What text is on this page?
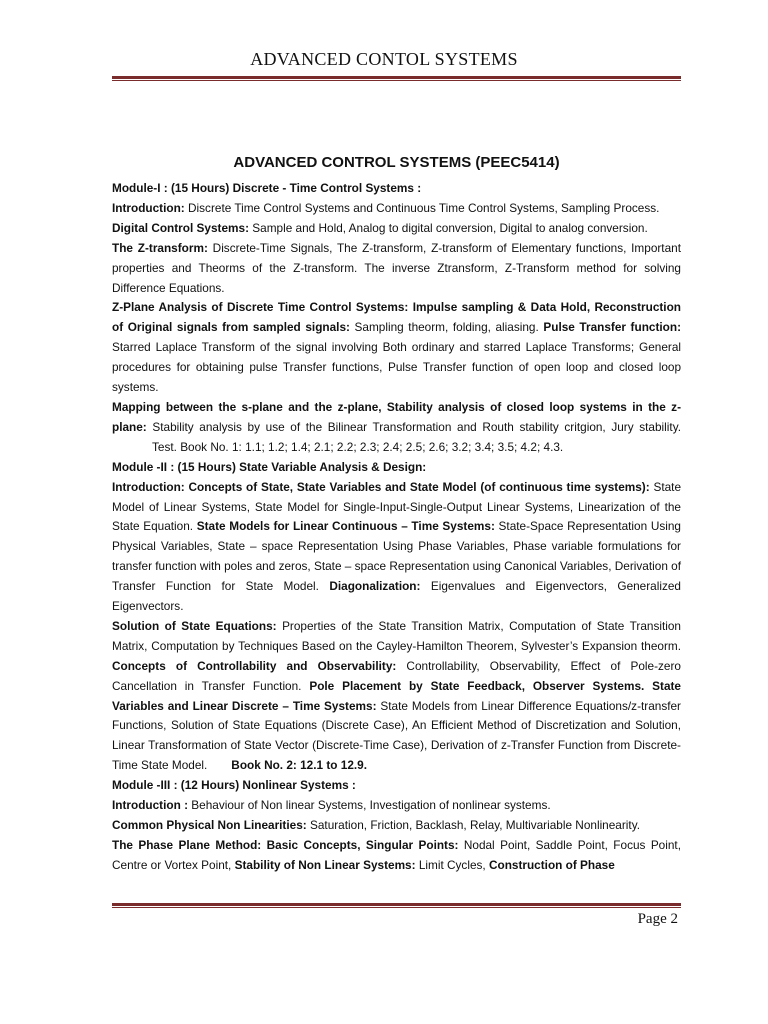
ADVANCED CONTOL SYSTEMS
ADVANCED CONTROL SYSTEMS (PEEC5414)

Module-I : (15 Hours) Discrete - Time Control Systems :

Introduction: Discrete Time Control Systems and Continuous Time Control Systems, Sampling Process.

Digital Control Systems: Sample and Hold, Analog to digital conversion, Digital to analog conversion.

The Z-transform: Discrete-Time Signals, The Z-transform, Z-transform of Elementary functions, Important properties and Theorms of the Z-transform. The inverse Ztransform, Z-Transform method for solving Difference Equations.

Z-Plane Analysis of Discrete Time Control Systems: Impulse sampling & Data Hold, Reconstruction of Original signals from sampled signals: Sampling theorm, folding, aliasing. Pulse Transfer function: Starred Laplace Transform of the signal involving Both ordinary and starred Laplace Transforms; General procedures for obtaining pulse Transfer functions, Pulse Transfer function of open loop and closed loop systems.

Mapping between the s-plane and the z-plane, Stability analysis of closed loop systems in the z-plane: Stability analysis by use of the Bilinear Transformation and Routh stability critgion, Jury stability.Test. Book No. 1: 1.1; 1.2; 1.4; 2.1; 2.2; 2.3; 2.4; 2.5; 2.6; 3.2; 3.4; 3.5; 4.2; 4.3.

Module -II : (15 Hours) State Variable Analysis & Design:

Introduction: Concepts of State, State Variables and State Model (of continuous time systems): State Model of Linear Systems, State Model for Single-Input-Single-Output Linear Systems, Linearization of the State Equation. State Models for Linear Continuous – Time Systems: State-Space Representation Using Physical Variables, State – space Representation Using Phase Variables, Phase variable formulations for transfer function with poles and zeros, State – space Representation using Canonical Variables, Derivation of Transfer Function for State Model. Diagonalization: Eigenvalues and Eigenvectors, Generalized Eigenvectors.

Solution of State Equations: Properties of the State Transition Matrix, Computation of State Transition Matrix, Computation by Techniques Based on the Cayley-Hamilton Theorem, Sylvester’s Expansion theorm. Concepts of Controllability and Observability: Controllability, Observability, Effect of Pole-zero Cancellation in Transfer Function. Pole Placement by State Feedback, Observer Systems. State Variables and Linear Discrete – Time Systems: State Models from Linear Difference Equations/z-transfer Functions, Solution of State Equations (Discrete Case), An Efficient Method of Discretization and Solution, Linear Transformation of State Vector (Discrete-Time Case), Derivation of z-Transfer Function from Discrete-Time State Model. Book No. 2: 12.1 to 12.9.

Module -III : (12 Hours) Nonlinear Systems :

Introduction : Behaviour of Non linear Systems, Investigation of nonlinear systems.

Common Physical Non Linearities: Saturation, Friction, Backlash, Relay, Multivariable Nonlinearity.

The Phase Plane Method: Basic Concepts, Singular Points: Nodal Point, Saddle Point, Focus Point, Centre or Vortex Point, Stability of Non Linear Systems: Limit Cycles, Construction of Phase

Page 2
